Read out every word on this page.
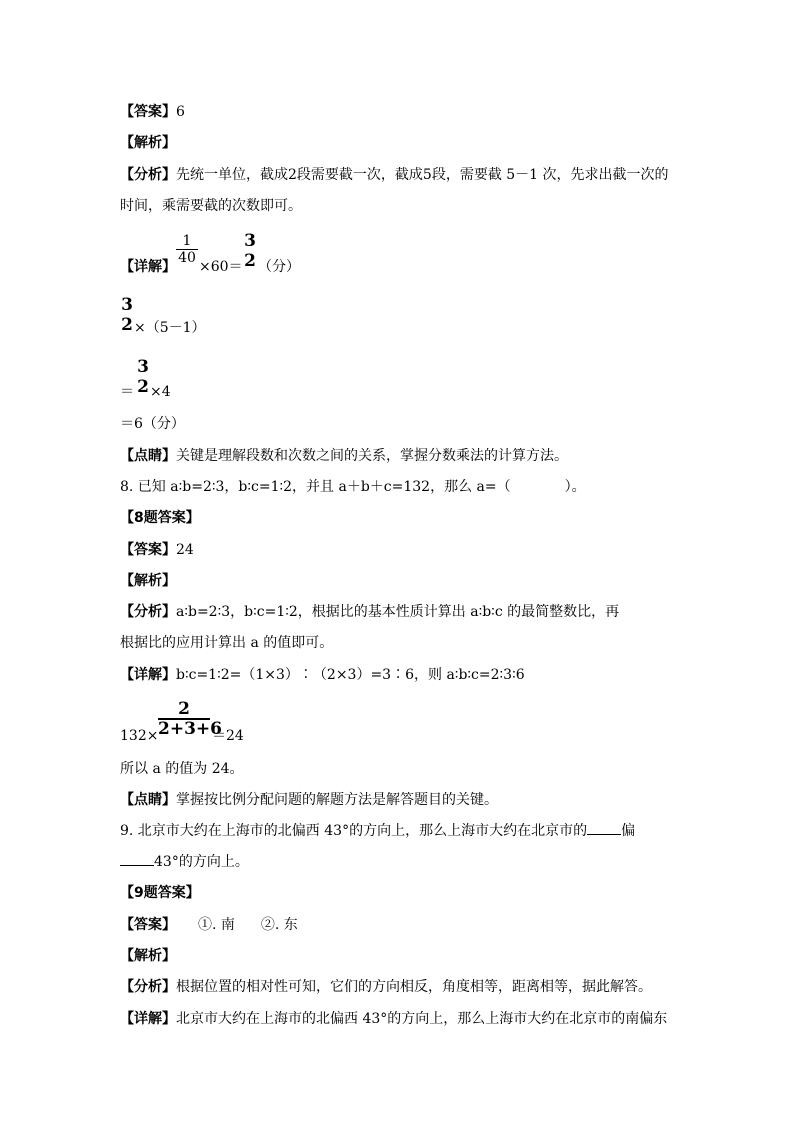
【答案】6
【解析】
【分析】先统一单位，截成2段需要截一次，截成5段，需要截 5－1 次，先求出截一次的
时间，乘需要截的次数即可。
【详解】
1
40
×60＝
3
2 （分）
3
2 ×（5－1）
＝
3
2 ×4
＝6（分）
【点睛】关键是理解段数和次数之间的关系，掌握分数乘法的计算方法。
8. 已知 a∶b=2∶3，b∶c=1∶2，并且 a＋b＋c=132，那么 a=（	）。
【8题答案】
【答案】24
【解析】
【分析】a∶b=2∶3，b∶c=1∶2，根据比的基本性质计算出 a∶b∶c 的最简整数比，再
根据比的应用计算出 a 的值即可。
【详解】b∶c=1∶2=（1×3）∶（2×3）=3∶6，则 a∶b∶c=2∶3∶6
132×
2
2+3+6
＝24
所以 a 的值为 24。
【点睛】掌握按比例分配问题的解题方法是解答题目的关键。
9. 北京市大约在上海市的北偏西 43°的方向上，那么上海市大约在北京市的 偏
43°的方向上。
【9题答案】
【答案】 ①. 南 ②. 东
【解析】
【分析】根据位置的相对性可知，它们的方向相反，角度相等，距离相等，据此解答。
【详解】北京市大约在上海市的北偏西 43°的方向上，那么上海市大约在北京市的南偏东
